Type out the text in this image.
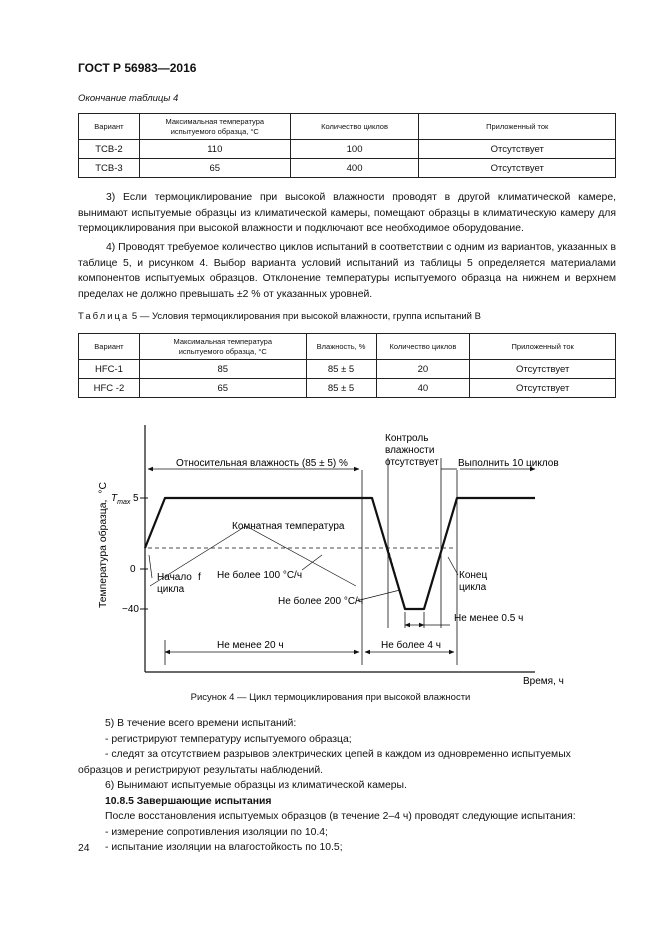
ГОСТ Р 56983—2016
Окончание таблицы 4
Вариант	Максимальная температура испытуемого образца, °С	Количество циклов	Приложенный ток
ТСВ-2	110	100	Отсутствует
ТСВ-3	65	400	Отсутствует
3) Если термоциклирование при высокой влажности проводят в другой климатической камере, вынимают испытуемые образцы из климатической камеры, помещают образцы в климатическую камеру для термоциклирования при высокой влажности и подключают все необходимое оборудование.
4) Проводят требуемое количество циклов испытаний в соответствии с одним из вариантов, указанных в таблице 5, и рисунком 4. Выбор варианта условий испытаний из таблицы 5 определяется материалами компонентов испытуемых образцов. Отклонение температуры испытуемого образца на нижнем и верхнем пределах не должно превышать ±2 % от указанных уровней.
Таблица 5 — Условия термоциклирования при высокой влажности, группа испытаний В
Вариант	Максимальная температура испытуемого образца, °С	Влажность, %	Количество циклов	Приложенный ток
HFC-1	85	85 ± 5	20	Отсутствует
HFC -2	65	85 ± 5	40	Отсутствует
Температура образца,°С
$T_{max}$ 5
0
−40
Относительная влажность (85 ± 5) %
Контроль
влажности
отсутствует Выполнить 10 циклов
Комнатная температура
Начало
цикла
f Не более 100 °С/ч
Не более 200 °С/ч
Конец
цикла
Не менее 0.5 ч
Не менее 20 ч	Не более 4 ч
Время, ч
Рисунок 4 — Цикл термоциклирования при высокой влажности
5) В течение всего времени испытаний:
- регистрируют температуру испытуемого образца;
- следят за отсутствием разрывов электрических цепей в каждом из одновременно испытуемых
образцов и регистрируют результаты наблюдений.
6) Вынимают испытуемые образцы из климатической камеры.
10.8.5 Завершающие испытания
После восстановления испытуемых образцов (в течение 2–4 ч) проводят следующие испытания:
- измерение сопротивления изоляции по 10.4;
- испытание изоляции на влагостойкость по 10.5;
24
